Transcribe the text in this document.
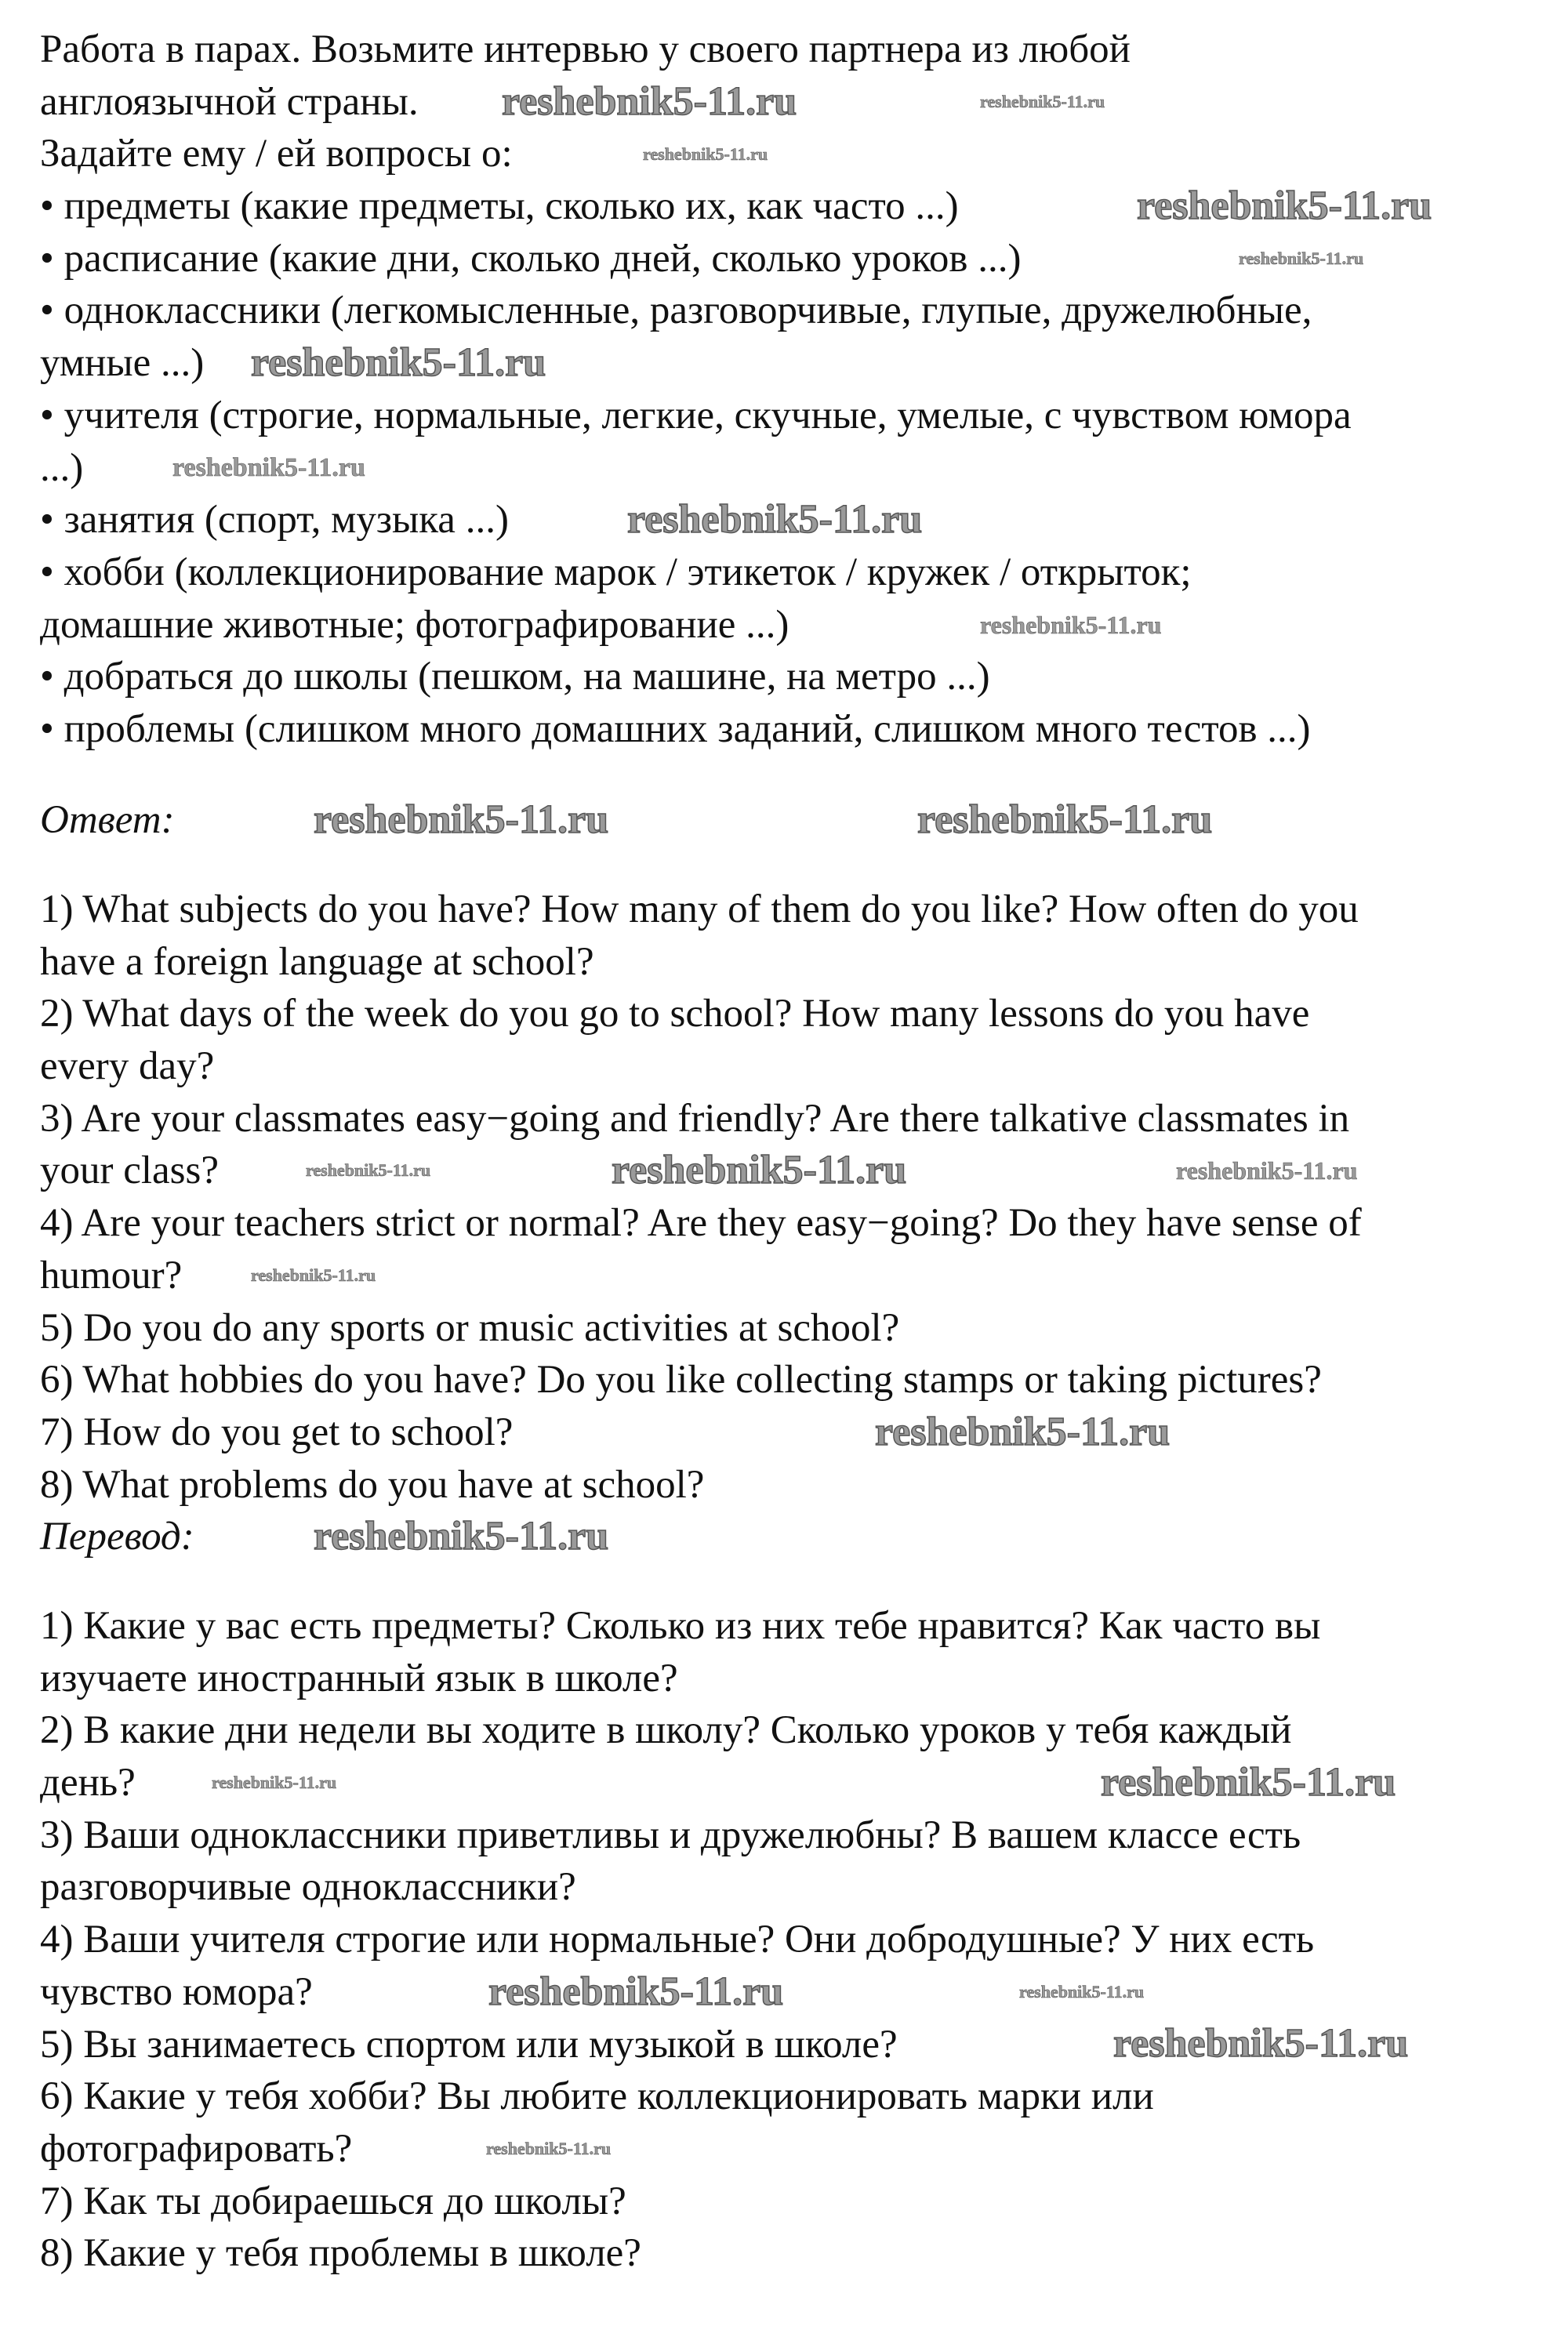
Работа в парах. Возьмите интервью у своего партнера из любой
англоязычной страны.
Задайте ему / ей вопросы о:
• предметы (какие предметы, сколько их, как часто ...)
• расписание (какие дни, сколько дней, сколько уроков ...)
• одноклассники (легкомысленные, разговорчивые, глупые, дружелюбные,
умные ...)
• учителя (строгие, нормальные, легкие, скучные, умелые, с чувством юмора
...)
• занятия (спорт, музыка ...)
• хобби (коллекционирование марок / этикеток / кружек / открыток;
домашние животные; фотографирование ...)
• добраться до школы (пешком, на машине, на метро ...)
• проблемы (слишком много домашних заданий, слишком много тестов ...)
Ответ:
1) What subjects do you have? How many of them do you like? How often do you
have a foreign language at school?
2) What days of the week do you go to school? How many lessons do you have
every day?
3) Are your classmates easy−going and friendly? Are there talkative classmates in
your class?
4) Are your teachers strict or normal? Are they easy−going? Do they have sense of
humour?
5) Do you do any sports or music activities at school?
6) What hobbies do you have? Do you like collecting stamps or taking pictures?
7) How do you get to school?
8) What problems do you have at school?
Перевод:
1) Какие у вас есть предметы? Сколько из них тебе нравится? Как часто вы
изучаете иностранный язык в школе?
2) В какие дни недели вы ходите в школу? Сколько уроков у тебя каждый
день?
3) Ваши одноклассники приветливы и дружелюбны? В вашем классе есть
разговорчивые одноклассники?
4) Ваши учителя строгие или нормальные? Они добродушные? У них есть
чувство юмора?
5) Вы занимаетесь спортом или музыкой в школе?
6) Какие у тебя хобби? Вы любите коллекционировать марки или
фотографировать?
7) Как ты добираешься до школы?
8) Какие у тебя проблемы в школе?
reshebnik5-11.ru
reshebnik5-11.ru
reshebnik5-11.ru
reshebnik5-11.ru
reshebnik5-11.ru	reshebnik5-11.ru
reshebnik5-11.ru
reshebnik5-11.ru
reshebnik5-11.ru
reshebnik5-11.ru
reshebnik5-11.ru
reshebnik5-11.ru
reshebnik5-11.ru
reshebnik5-11.ru
reshebnik5-11.ru
reshebnik5-11.ru
reshebnik5-11.ru
reshebnik5-11.ru	reshebnik5-11.ru
reshebnik5-11.ru
reshebnik5-11.ru
reshebnik5-11.ru
reshebnik5-11.ru
